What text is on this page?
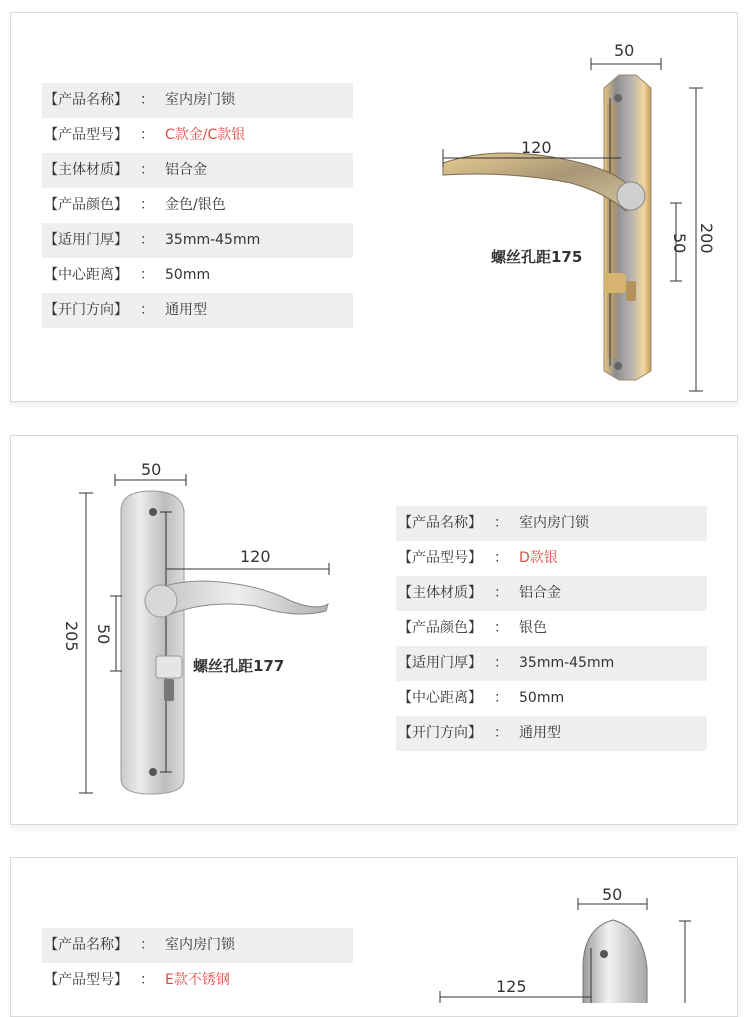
【产品名称】 ： 室内房门锁
【产品型号】 ： C款金/C款银
【主体材质】 ： 铝合金
【产品颜色】 ： 金色/银色
【适用门厚】 ： 35mm-45mm
【中心距离】 ： 50mm
【开门方向】 ： 通用型
50
120
50 200
螺丝孔距175
50
120
50
205
螺丝孔距177
【产品名称】 ： 室内房门锁
【产品型号】 ： D款银
【主体材质】 ： 铝合金
【产品颜色】 ： 银色
【适用门厚】 ： 35mm-45mm
【中心距离】 ： 50mm
【开门方向】 ： 通用型
【产品名称】 ： 室内房门锁
【产品型号】 ： E款不锈钢
50
125
